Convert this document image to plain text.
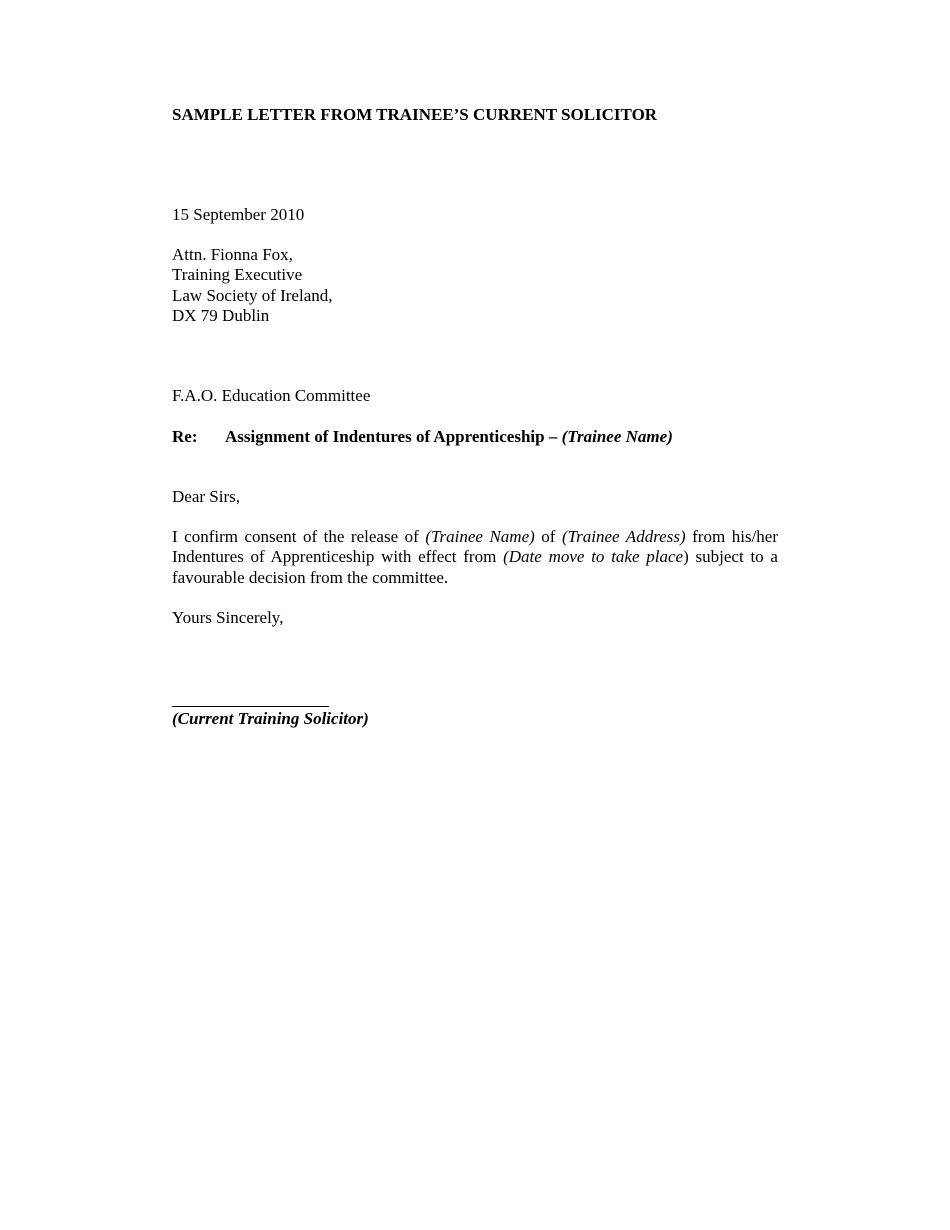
SAMPLE LETTER FROM TRAINEE’S CURRENT SOLICITOR
15 September 2010
Attn. Fionna Fox,
Training Executive
Law Society of Ireland,
DX 79 Dublin
F.A.O. Education Committee
Re: Assignment of Indentures of Apprenticeship – (Trainee Name)
Dear Sirs,
I confirm consent of the release of (Trainee Name) of (Trainee Address) from his/her Indentures of Apprenticeship with effect from (Date move to take place) subject to a favourable decision from the committee.
Yours Sincerely,
(Current Training Solicitor)
